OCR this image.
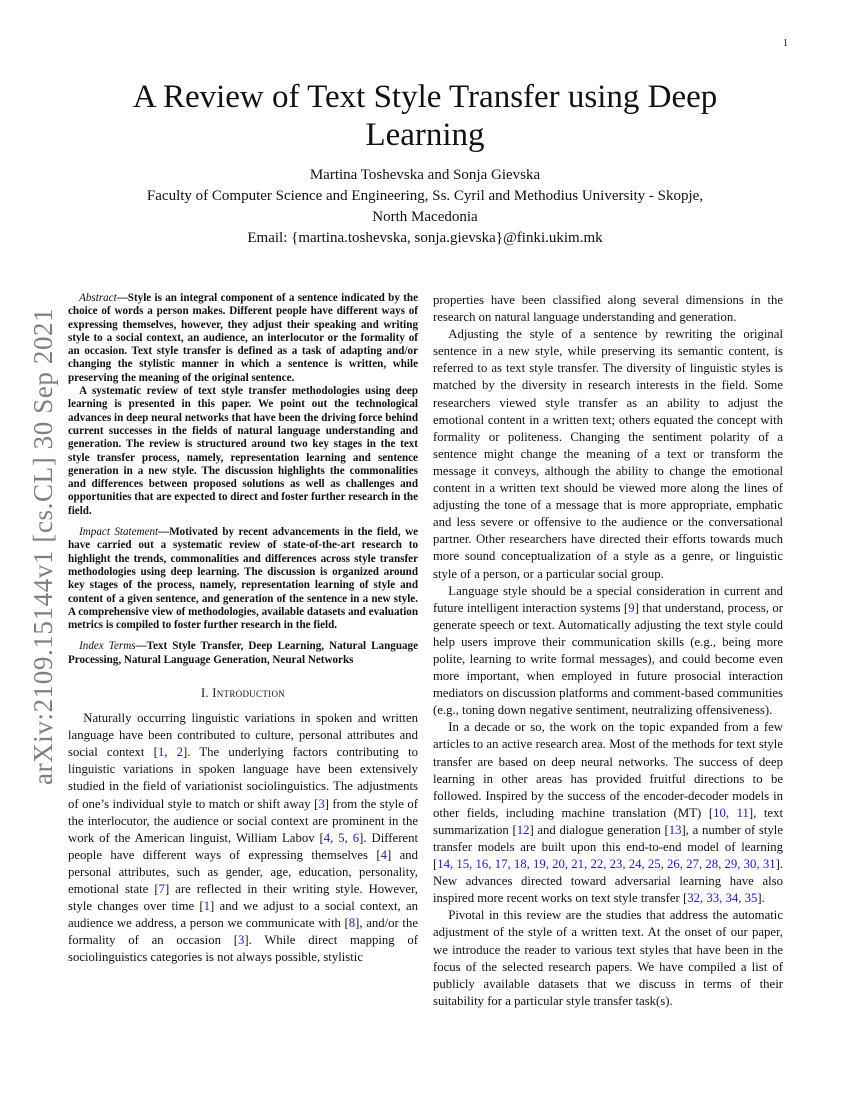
1
arXiv:2109.15144v1 [cs.CL] 30 Sep 2021
A Review of Text Style Transfer using Deep
Learning
Martina Toshevska and Sonja Gievska
Faculty of Computer Science and Engineering, Ss. Cyril and Methodius University - Skopje,
North Macedonia
Email: {martina.toshevska, sonja.gievska}@finki.ukim.mk

Abstract—Style is an integral component of a sentence indicated by the choice of words a person makes. Different people have different ways of expressing themselves, however, they adjust their speaking and writing style to a social context, an audience, an interlocutor or the formality of an occasion. Text style transfer is defined as a task of adapting and/or changing the stylistic manner in which a sentence is written, while preserving the meaning of the original sentence.

A systematic review of text style transfer methodologies using deep learning is presented in this paper. We point out the technological advances in deep neural networks that have been the driving force behind current successes in the fields of natural language understanding and generation. The review is structured around two key stages in the text style transfer process, namely, representation learning and sentence generation in a new style. The discussion highlights the commonalities and differences between proposed solutions as well as challenges and opportunities that are expected to direct and foster further research in the field.

Impact Statement—Motivated by recent advancements in the field, we have carried out a systematic review of state-of-the-art research to highlight the trends, commonalities and differences across style transfer methodologies using deep learning. The discussion is organized around key stages of the process, namely, representation learning of style and content of a given sentence, and generation of the sentence in a new style. A comprehensive view of methodologies, available datasets and evaluation metrics is compiled to foster further research in the field.

Index Terms—Text Style Transfer, Deep Learning, Natural Language Processing, Natural Language Generation, Neural Networks

I. Introduction

Naturally occurring linguistic variations in spoken and written language have been contributed to culture, personal attributes and social context [1, 2]. The underlying factors contributing to linguistic variations in spoken language have been extensively studied in the field of variationist sociolinguistics. The adjustments of one’s individual style to match or shift away [3] from the style of the interlocutor, the audience or social context are prominent in the work of the American linguist, William Labov [4, 5, 6]. Different people have different ways of expressing themselves [4] and personal attributes, such as gender, age, education, personality, emotional state [7] are reflected in their writing style. However, style changes over time [1] and we adjust to a social context, an audience we address, a person we communicate with [8], and/or the formality of an occasion [3]. While direct mapping of sociolinguistics categories is not always possible, stylistic

properties have been classified along several dimensions in the research on natural language understanding and generation.

Adjusting the style of a sentence by rewriting the original sentence in a new style, while preserving its semantic content, is referred to as text style transfer. The diversity of linguistic styles is matched by the diversity in research interests in the field. Some researchers viewed style transfer as an ability to adjust the emotional content in a written text; others equated the concept with formality or politeness. Changing the sentiment polarity of a sentence might change the meaning of a text or transform the message it conveys, although the ability to change the emotional content in a written text should be viewed more along the lines of adjusting the tone of a message that is more appropriate, emphatic and less severe or offensive to the audience or the conversational partner. Other researchers have directed their efforts towards much more sound conceptualization of a style as a genre, or linguistic style of a person, or a particular social group.

Language style should be a special consideration in current and future intelligent interaction systems [9] that understand, process, or generate speech or text. Automatically adjusting the text style could help users improve their communication skills (e.g., being more polite, learning to write formal messages), and could become even more important, when employed in future prosocial interaction mediators on discussion platforms and comment-based communities (e.g., toning down negative sentiment, neutralizing offensiveness).

In a decade or so, the work on the topic expanded from a few articles to an active research area. Most of the methods for text style transfer are based on deep neural networks. The success of deep learning in other areas has provided fruitful directions to be followed. Inspired by the success of the encoder-decoder models in other fields, including machine translation (MT) [10, 11], text summarization [12] and dialogue generation [13], a number of style transfer models are built upon this end-to-end model of learning [14, 15, 16, 17, 18, 19, 20, 21, 22, 23, 24, 25, 26, 27, 28, 29, 30, 31]. New advances directed toward adversarial learning have also inspired more recent works on text style transfer [32, 33, 34, 35].

Pivotal in this review are the studies that address the automatic adjustment of the style of a written text. At the onset of our paper, we introduce the reader to various text styles that have been in the focus of the selected research papers. We have compiled a list of publicly available datasets that we discuss in terms of their suitability for a particular style transfer task(s).
